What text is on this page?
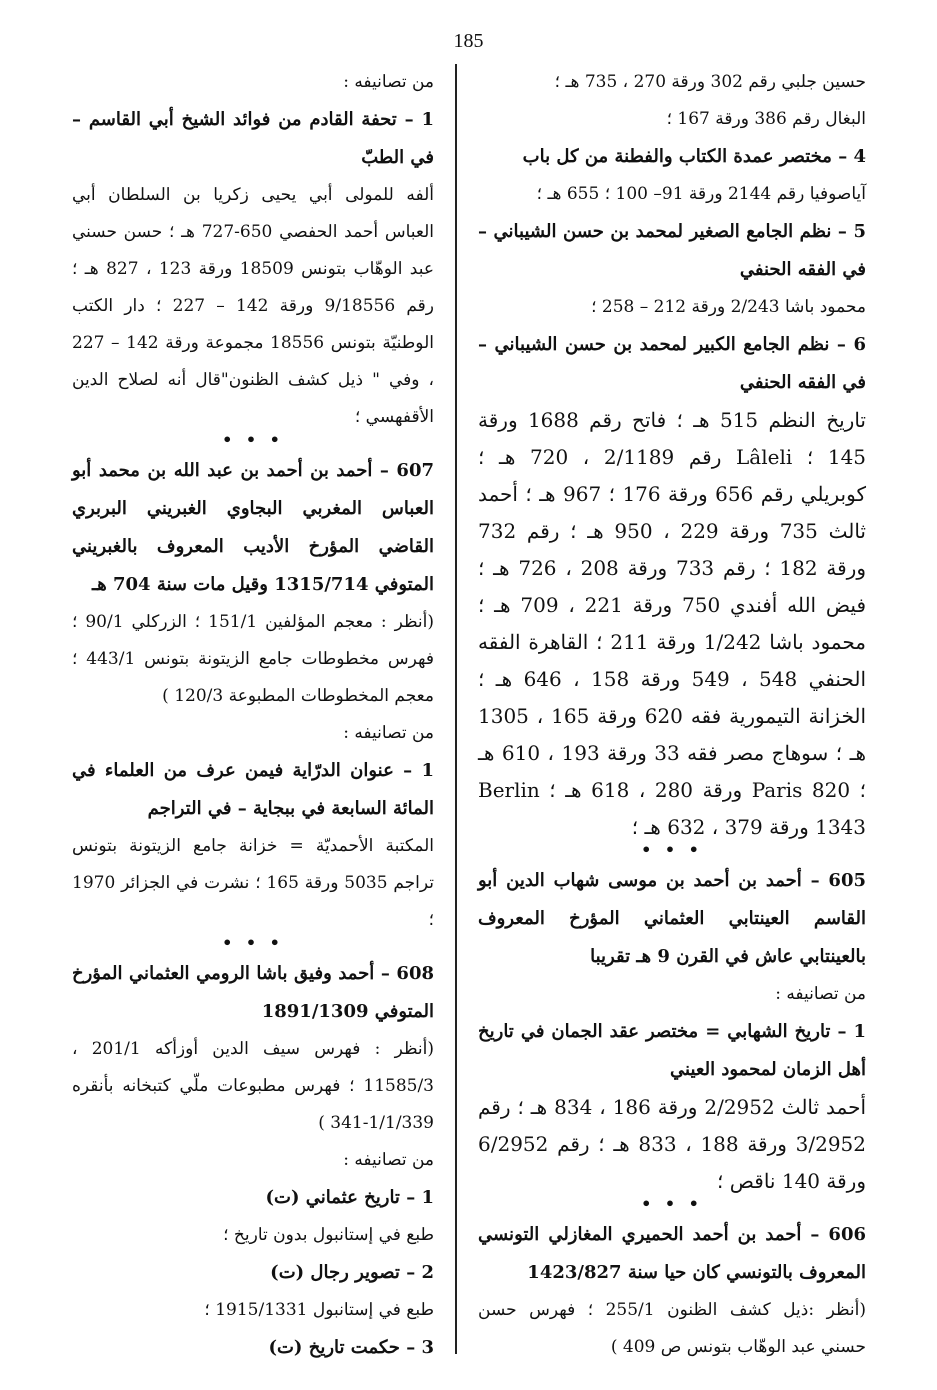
185

حسين جلبي رقم 302 ورقة 270 ، 735 هـ ؛

البغال رقم 386 ورقة 167 ؛

4 – مختصر عمدة الكتاب والفطنة من كل باب

آياصوفيا رقم 2144 ورقة 91– 100 ؛ 655 هـ ؛

5 – نظم الجامع الصغير لمحمد بن حسن الشيباني – في الفقه الحنفي

محمود باشا 2/243 ورقة 212 – 258 ؛

6 – نظم الجامع الكبير لمحمد بن حسن الشيباني – في الفقه الحنفي

تاريخ النظم 515 هـ ؛ فاتح رقم 1688 ورقة 145 ؛ Lâleli رقم 2/1189 ، 720 هـ ؛ كوبريلي رقم 656 ورقة 176 ؛ 967 هـ ؛ أحمد ثالث 735 ورقة 229 ، 950 هـ ؛ رقم 732 ورقة 182 ؛ رقم 733 ورقة 208 ، 726 هـ ؛ فيض الله أفندي 750 ورقة 221 ، 709 هـ ؛ محمود باشا 1/242 ورقة 211 ؛ القاهرة الفقه الحنفي 548 ، 549 ورقة 158 ، 646 هـ ؛ الخزانة التيمورية فقه 620 ورقة 165 ، 1305 هـ ؛ سوهاج مصر فقه 33 ورقة 193 ، 610 هـ ؛ Paris 820 ورقة 280 ، 618 هـ ؛ Berlin 1343 ورقة 379 ، 632 هـ ؛

• • •

605 – أحمد بن أحمد بن موسى شهاب الدين أبو القاسم العينتابي العثماني المؤرخ المعروف بالعينتابي عاش في القرن 9 هـ تقريبا

من تصانيفه :

1 – تاريخ الشهابي = مختصر عقد الجمان في تاريخ أهل الزمان لمحمود العيني

أحمد ثالث 2/2952 ورقة 186 ، 834 هـ ؛ رقم 3/2952 ورقة 188 ، 833 هـ ؛ رقم 6/2952 ورقة 140 ناقص ؛

• • •

606 – أحمد بن أحمد الحميري المغازلي التونسي المعروف بالتونسي كان حيا سنة 1423/827

(أنظر :ذيل كشف الظنون 255/1 ؛ فهرس حسن حسني عبد الوهّاب بتونس ص 409 )

من تصانيفه :

1 – تحفة القادم من فوائد الشيخ أبي القاسم – في الطبّ

ألفه للمولى أبي يحيى زكريا بن السلطان أبي العباس أحمد الحفصي 650-727 هـ ؛ حسن حسني عبد الوهّاب بتونس 18509 ورقة 123 ، 827 هـ ؛ رقم 9/18556 ورقة 142 – 227 ؛ دار الكتب الوطنيّة بتونس 18556 مجموعة ورقة 142 – 227 ، وفي " ذيل كشف الظنون"قال أنه لصلاح الدين الأقفهسي ؛

• • •

607 – أحمد بن أحمد بن عبد الله بن محمد أبو العباس المغربي البجاوي الغبريني البربري القاضي المؤرخ الأديب المعروف بالغبريني المتوفي 1315/714 وقيل مات سنة 704 هـ

(أنظر : معجم المؤلفين 151/1 ؛ الزركلي 90/1 ؛ فهرس مخطوطات جامع الزيتونة بتونس 443/1 ؛ معجم المخطوطات المطبوعة 120/3 )

من تصانيفه :

1 – عنوان الدرّاية فيمن عرف من العلماء في المائة السابعة في ببجاية – في التراجم

المكتبة الأحمديّة = خزانة جامع الزيتونة بتونس تراجم 5035 ورقة 165 ؛ نشرت في الجزائر 1970 ؛

• • •

608 – أحمد وفيق باشا الرومي العثماني المؤرخ المتوفي 1891/1309

(أنظر : فهرس سيف الدين أوزأكه 201/1 ، 11585/3 ؛ فهرس مطبوعات ملّي كتبخانه بأنقره 1/1/339-341 )

من تصانيفه :

1 – تاريخ عثماني (ت)

طبع في إستانبول بدون تاريخ ؛

2 – تصوير رجال (ت)

طبع في إستانبول 1915/1331 ؛

3 – حكمت تاريخ (ت)
